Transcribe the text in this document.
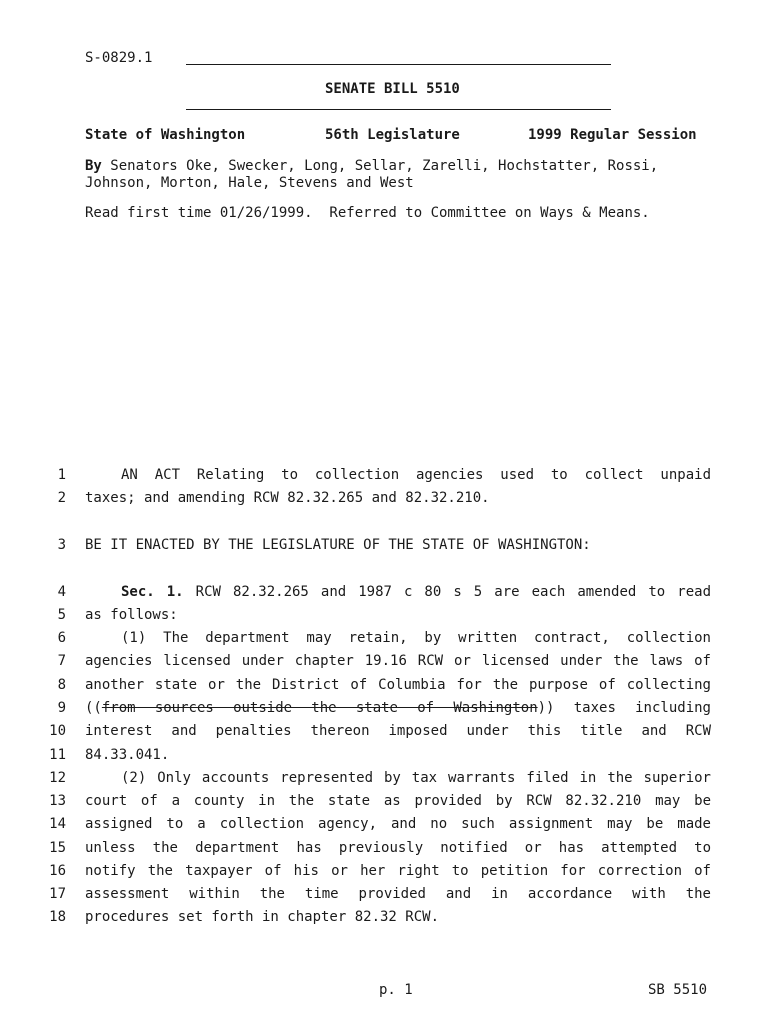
S-0829.1
SENATE BILL 5510
State of Washington	56th Legislature	1999 Regular Session
By Senators Oke, Swecker, Long, Sellar, Zarelli, Hochstatter, Rossi,
Johnson, Morton, Hale, Stevens and West
Read first time 01/26/1999.  Referred to Committee on Ways & Means.
1	AN ACT Relating to collection agencies used to collect unpaid
2 taxes; and amending RCW 82.32.265 and 82.32.210.
3 BE IT ENACTED BY THE LEGISLATURE OF THE STATE OF WASHINGTON:
4	Sec. 1. RCW 82.32.265 and 1987 c 80 s 5 are each amended to read
5 as follows:
6	(1) The department may retain, by written contract, collection
7 agencies licensed under chapter 19.16 RCW or licensed under the laws of
8 another state or the District of Columbia for the purpose of collecting
9 ((from sources outside the state of Washington)) taxes including
10 interest and penalties thereon imposed under this title and RCW
11 84.33.041.
12	(2) Only accounts represented by tax warrants filed in the superior
13 court of a county in the state as provided by RCW 82.32.210 may be
14 assigned to a collection agency, and no such assignment may be made
15 unless the department has previously notified or has attempted to
16 notify the taxpayer of his or her right to petition for correction of
17 assessment within the time provided and in accordance with the
18 procedures set forth in chapter 82.32 RCW.
p. 1	SB 5510
